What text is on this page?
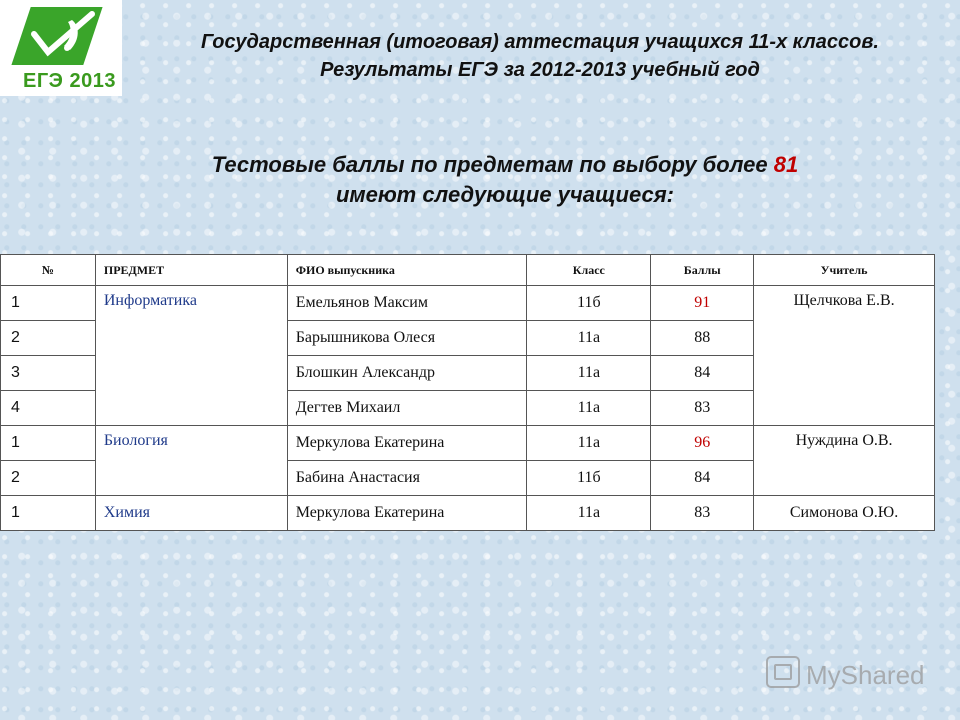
ЕГЭ 2013
Государственная (итоговая) аттестация учащихся 11-х классов.
Результаты ЕГЭ за 2012-2013 учебный год
Тестовые баллы по предметам по выбору более 81
имеют следующие учащиеся:
№	ПРЕДМЕТ	ФИО выпускника	Класс	Баллы	Учитель
1	Информатика	Емельянов Максим	11б	91	Щелчкова Е.В.
2		Барышникова Олеся	11а	88	
3		Блошкин Александр	11а	84	
4		Дегтев Михаил	11а	83	
1	Биология	Меркулова Екатерина	11а	96	Нуждина О.В.
2		Бабина Анастасия	11б	84	
1	Химия	Меркулова Екатерина	11а	83	Симонова О.Ю.
MyShared
